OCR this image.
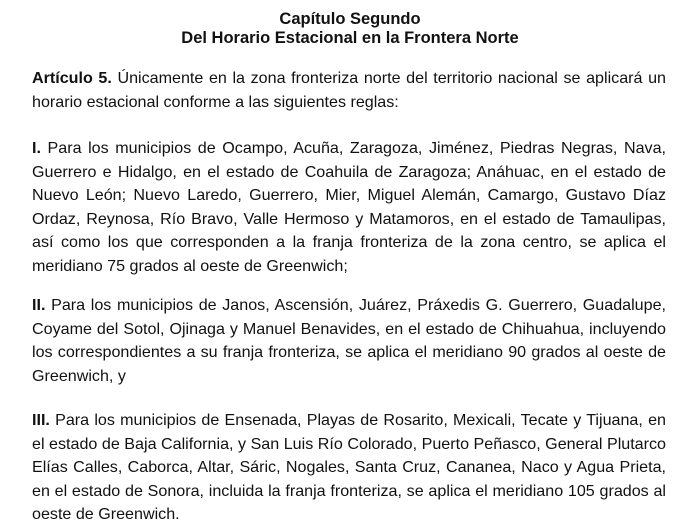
Capítulo Segundo
Del Horario Estacional en la Frontera Norte

Artículo 5. Únicamente en la zona fronteriza norte del territorio nacional se aplicará un horario estacional conforme a las siguientes reglas:

I. Para los municipios de Ocampo, Acuña, Zaragoza, Jiménez, Piedras Negras, Nava, Guerrero e Hidalgo, en el estado de Coahuila de Zaragoza; Anáhuac, en el estado de Nuevo León; Nuevo Laredo, Guerrero, Mier, Miguel Alemán, Camargo, Gustavo Díaz Ordaz, Reynosa, Río Bravo, Valle Hermoso y Matamoros, en el estado de Tamaulipas, así como los que corresponden a la franja fronteriza de la zona centro, se aplica el meridiano 75 grados al oeste de Greenwich;

II. Para los municipios de Janos, Ascensión, Juárez, Práxedis G. Guerrero, Guadalupe, Coyame del Sotol, Ojinaga y Manuel Benavides, en el estado de Chihuahua, incluyendo los correspondientes a su franja fronteriza, se aplica el meridiano 90 grados al oeste de Greenwich, y

III. Para los municipios de Ensenada, Playas de Rosarito, Mexicali, Tecate y Tijuana, en el estado de Baja California, y San Luis Río Colorado, Puerto Peñasco, General Plutarco Elías Calles, Caborca, Altar, Sáric, Nogales, Santa Cruz, Cananea, Naco y Agua Prieta, en el estado de Sonora, incluida la franja fronteriza, se aplica el meridiano 105 grados al oeste de Greenwich.
